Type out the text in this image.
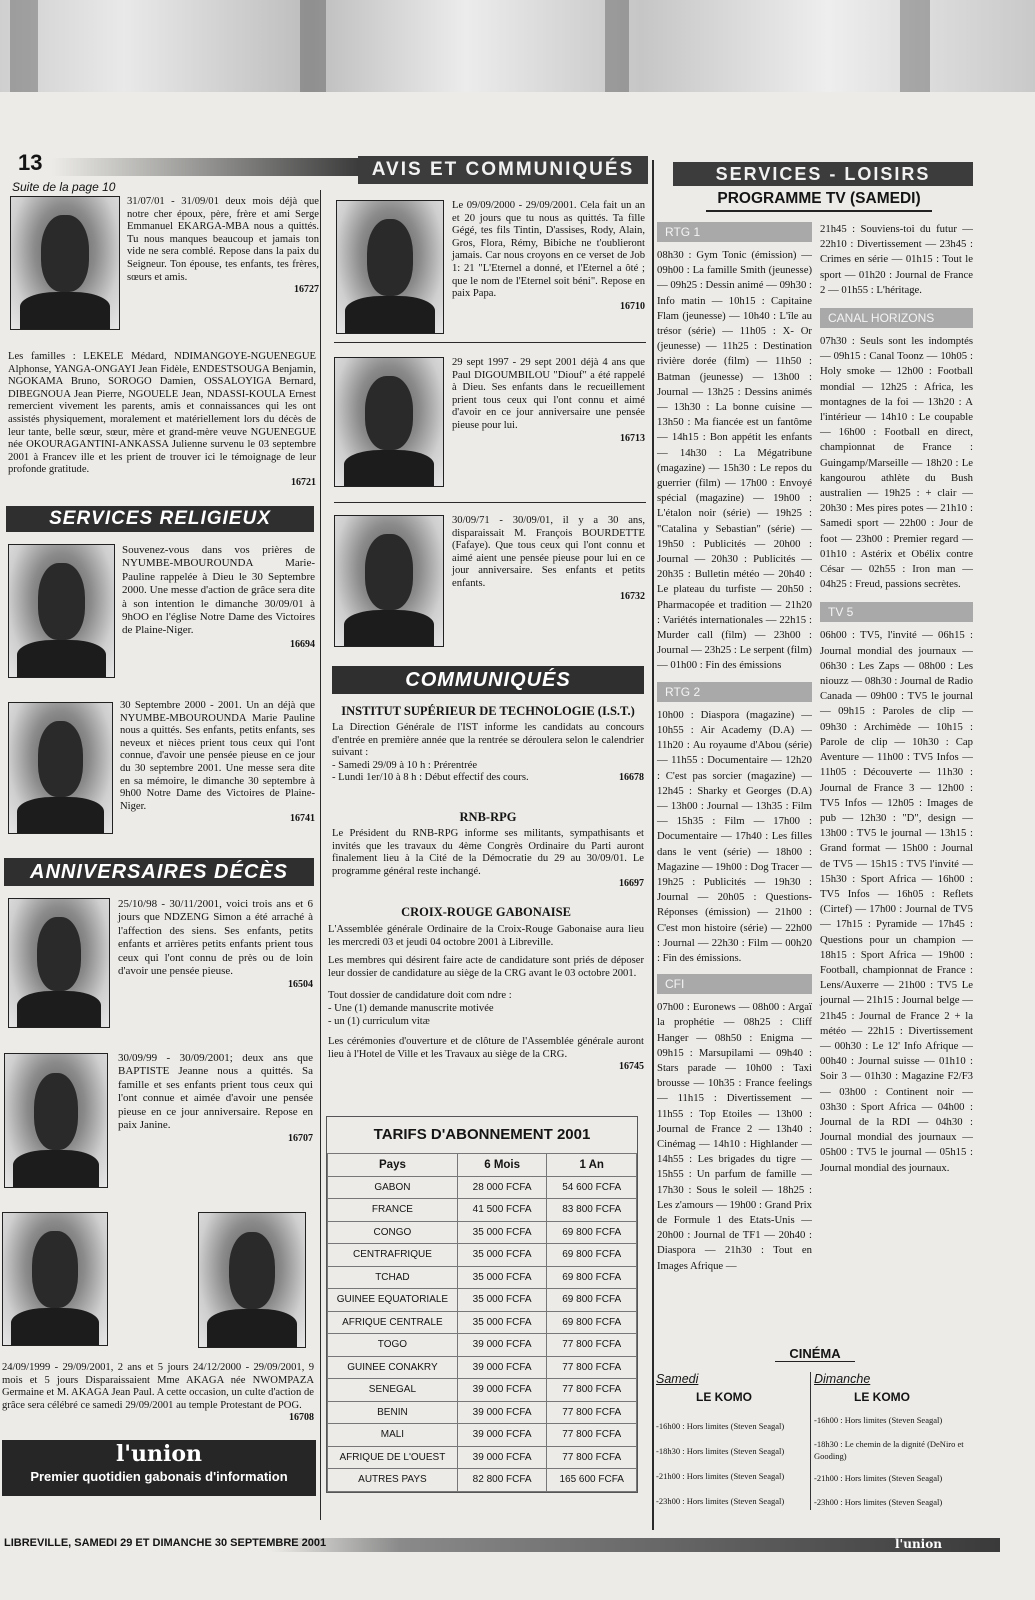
13	AVIS ET COMMUNIQUÉS	SERVICES - LOISIRS
Suite de la page 10
31/07/01 - 31/09/01 deux mois déjà que notre cher époux, père, frère et ami Serge Emmanuel EKARGA-MBA nous a quittés. Tu nous manques beaucoup et jamais ton vide ne sera comblé. Repose dans la paix du Seigneur. Ton épouse, tes enfants, tes frères, sœurs et amis.
16727
Les familles : LEKELE Médard, NDIMANGOYE-NGUENEGUE Alphonse, YANGA-ONGAYI Jean Fidèle, ENDESTSOUGA Benjamin, NGOKAMA Bruno, SOROGO Damien, OSSALOYIGA Bernard, DIBEGNOUA Jean Pierre, NGOUELE Jean, NDASSI-KOULA Ernest remercient vivement les parents, amis et connaissances qui les ont assistés physiquement, moralement et matériellement lors du décès de leur tante, belle sœur, sœur, mère et grand-mère veuve NGUENEGUE née OKOURAGANTINI-ANKASSA Julienne survenu le 03 septembre 2001 à Francev ille et les prient de trouver ici le témoignage de leur profonde gratitude.
16721
SERVICES RELIGIEUX
Souvenez-vous dans vos prières de NYUMBE-MBOUROUNDA Marie-Pauline rappelée à Dieu le 30 Septembre 2000. Une messe d'action de grâce sera dite à son intention le dimanche 30/09/01 à 9hOO en l'église Notre Dame des Victoires de Plaine-Niger.
16694
30 Septembre 2000 - 2001. Un an déjà que NYUMBE-MBOUROUNDA Marie Pauline nous a quittés. Ses enfants, petits enfants, ses neveux et nièces prient tous ceux qui l'ont connue, d'avoir une pensée pieuse en ce jour du 30 septembre 2001. Une messe sera dite en sa mémoire, le dimanche 30 septembre à 9h00 Notre Dame des Victoires de Plaine-Niger.
16741
ANNIVERSAIRES DÉCÈS
25/10/98 - 30/11/2001, voici trois ans et 6 jours que NDZENG Simon a été arraché à l'affection des siens. Ses enfants, petits enfants et arrières petits enfants prient tous ceux qui l'ont connu de près ou de loin d'avoir une pensée pieuse.
16504
30/09/99 - 30/09/2001; deux ans que BAPTISTE Jeanne nous a quittés. Sa famille et ses enfants prient tous ceux qui l'ont connue et aimée d'avoir une pensée pieuse en ce jour anniversaire. Repose en paix Janine.
16707
24/09/1999 - 29/09/2001, 2 ans et 5 jours 24/12/2000 - 29/09/2001, 9 mois et 5 jours Disparaissaient Mme AKAGA née NWOMPAZA Germaine et M. AKAGA Jean Paul. A cette occasion, un culte d'action de grâce sera célébré ce samedi 29/09/2001 au temple Protestant de POG.
16708
l'union
Premier quotidien gabonais d'information
Le 09/09/2000 - 29/09/2001. Cela fait un an et 20 jours que tu nous as quittés. Ta fille Gégé, tes fils Tintin, D'assises, Rody, Alain, Gros, Flora, Rémy, Bibiche ne t'oublieront jamais. Car nous croyons en ce verset de Job 1: 21 "L'Eternel a donné, et l'Eternel a ôté ; que le nom de l'Eternel soit béni". Repose en paix Papa.
16710
29 sept 1997 - 29 sept 2001 déjà 4 ans que Paul DIGOUMBILOU "Diouf" a été rappelé à Dieu. Ses enfants dans le recueillement prient tous ceux qui l'ont connu et aimé d'avoir en ce jour anniversaire une pensée pieuse pour lui.
16713
30/09/71 - 30/09/01, il y a 30 ans, disparaissait M. François BOURDETTE (Fafaye). Que tous ceux qui l'ont connu et aimé aient une pensée pieuse pour lui en ce jour anniversaire. Ses enfants et petits enfants.
16732
COMMUNIQUÉS
INSTITUT SUPÉRIEUR DE TECHNOLOGIE (I.S.T.)
La Direction Générale de l'IST informe les candidats au concours d'entrée en première année que la rentrée se déroulera selon le calendrier suivant :
- Samedi 29/09 à 10 h : Prérentrée
- Lundi 1er/10 à 8 h : Début effectif des cours.	16678
RNB-RPG
Le Président du RNB-RPG informe ses militants, sympathisants et invités que les travaux du 4ème Congrès Ordinaire du Parti auront finalement lieu à la Cité de la Démocratie du 29 au 30/09/01. Le programme général reste inchangé.
16697
CROIX-ROUGE GABONAISE
L'Assemblée générale Ordinaire de la Croix-Rouge Gabonaise aura lieu les mercredi 03 et jeudi 04 octobre 2001 à Libreville.
Les membres qui désirent faire acte de candidature sont priés de déposer leur dossier de candidature au siège de la CRG avant le 03 octobre 2001.
Tout dossier de candidature doit com ndre :
- Une (1) demande manuscrite motivée
- un (1) curriculum vitæ
Les cérémonies d'ouverture et de clôture de l'Assemblée générale auront lieu à l'Hotel de Ville et les Travaux au siège de la CRG.
16745
TARIFS D'ABONNEMENT 2001
Pays	6 Mois	1 An
GABON	28 000 FCFA	54 600 FCFA
FRANCE	41 500 FCFA	83 800 FCFA
CONGO	35 000 FCFA	69 800 FCFA
CENTRAFRIQUE	35 000 FCFA	69 800 FCFA
TCHAD	35 000 FCFA	69 800 FCFA
GUINEE EQUATORIALE	35 000 FCFA	69 800 FCFA
AFRIQUE CENTRALE	35 000 FCFA	69 800 FCFA
TOGO	39 000 FCFA	77 800 FCFA
GUINEE CONAKRY	39 000 FCFA	77 800 FCFA
SENEGAL	39 000 FCFA	77 800 FCFA
BENIN	39 000 FCFA	77 800 FCFA
MALI	39 000 FCFA	77 800 FCFA
AFRIQUE DE L'OUEST	39 000 FCFA	77 800 FCFA
AUTRES PAYS	82 800 FCFA	165 600 FCFA
PROGRAMME TV (SAMEDI)
RTG 1
08h30 : Gym Tonic (émission) — 09h00 : La famille Smith (jeunesse) — 09h25 : Dessin animé — 09h30 : Info matin — 10h15 : Capitaine Flam (jeunesse) — 10h40 : L'île au trésor (série) — 11h05 : X- Or (jeunesse) — 11h25 : Destination rivière dorée (film) — 11h50 : Batman (jeunesse) — 13h00 : Journal — 13h25 : Dessins animés — 13h30 : La bonne cuisine — 13h50 : Ma fiancée est un fantôme — 14h15 : Bon appétit les enfants — 14h30 : La Mégatribune (magazine) — 15h30 : Le repos du guerrier (film) — 17h00 : Envoyé spécial (magazine) — 19h00 : L'étalon noir (série) — 19h25 : "Catalina y Sebastian" (série) — 19h50 : Publicités — 20h00 : Journal — 20h30 : Publicités — 20h35 : Bulletin météo — 20h40 : Le plateau du turfiste — 20h50 : Pharmacopée et tradition — 21h20 : Variétés internationales — 22h15 : Murder call (film) — 23h00 : Journal — 23h25 : Le serpent (film) — 01h00 : Fin des émissions
RTG 2
10h00 : Diaspora (magazine) — 10h55 : Air Academy (D.A) — 11h20 : Au royaume d'Abou (série) — 11h55 : Documentaire — 12h20 : C'est pas sorcier (magazine) — 12h45 : Sharky et Georges (D.A) — 13h00 : Journal — 13h35 : Film — 15h35 : Film — 17h00 : Documentaire — 17h40 : Les filles dans le vent (série) — 18h00 : Magazine — 19h00 : Dog Tracer — 19h25 : Publicités — 19h30 : Journal — 20h05 : Questions-Réponses (émission) — 21h00 : C'est mon histoire (série) — 22h00 : Journal — 22h30 : Film — 00h20 : Fin des émissions.
CFI
07h00 : Euronews — 08h00 : Argaï la prophétie — 08h25 : Cliff Hanger — 08h50 : Enigma — 09h15 : Marsupilami — 09h40 : Stars parade — 10h00 : Taxi brousse — 10h35 : France feelings — 11h15 : Divertissement — 11h55 : Top Etoiles — 13h00 : Journal de France 2 — 13h40 : Cinémag — 14h10 : Highlander — 14h55 : Les brigades du tigre — 15h55 : Un parfum de famille — 17h30 : Sous le soleil — 18h25 : Les z'amours — 19h00 : Grand Prix de Formule 1 des Etats-Unis — 20h00 : Journal de TF1 — 20h40 : Diaspora — 21h30 : Tout en Images Afrique —
21h45 : Souviens-toi du futur — 22h10 : Divertissement — 23h45 : Crimes en série — 01h15 : Tout le sport — 01h20 : Journal de France 2 — 01h55 : L'héritage.
CANAL HORIZONS
07h30 : Seuls sont les indomptés — 09h15 : Canal Toonz — 10h05 : Holy smoke — 12h00 : Football mondial — 12h25 : Africa, les montagnes de la foi — 13h20 : A l'intérieur — 14h10 : Le coupable — 16h00 : Football en direct, championnat de France : Guingamp/Marseille — 18h20 : Le kangourou athlète du Bush australien — 19h25 : + clair — 20h30 : Mes pires potes — 21h10 : Samedi sport — 22h00 : Jour de foot — 23h00 : Premier regard — 01h10 : Astérix et Obélix contre César — 02h55 : Iron man — 04h25 : Freud, passions secrètes.
TV 5
06h00 : TV5, l'invité — 06h15 : Journal mondial des journaux — 06h30 : Les Zaps — 08h00 : Les niouzz — 08h30 : Journal de Radio Canada — 09h00 : TV5 le journal — 09h15 : Paroles de clip — 09h30 : Archimède — 10h15 : Parole de clip — 10h30 : Cap Aventure — 11h00 : TV5 Infos — 11h05 : Découverte — 11h30 : Journal de France 3 — 12h00 : TV5 Infos — 12h05 : Images de pub — 12h30 : "D", design — 13h00 : TV5 le journal — 13h15 : Grand format — 15h00 : Journal de TV5 — 15h15 : TV5 l'invité — 15h30 : Sport Africa — 16h00 : TV5 Infos — 16h05 : Reflets (Cirtef) — 17h00 : Journal de TV5 — 17h15 : Pyramide — 17h45 : Questions pour un champion — 18h15 : Sport Africa — 19h00 : Football, championnat de France : Lens/Auxerre — 21h00 : TV5 Le journal — 21h15 : Journal belge — 21h45 : Journal de France 2 + la météo — 22h15 : Divertissement — 00h30 : Le 12' Info Afrique — 00h40 : Journal suisse — 01h10 : Soir 3 — 01h30 : Magazine F2/F3 — 03h00 : Continent noir — 03h30 : Sport Africa — 04h00 : Journal de la RDI — 04h30 : Journal mondial des journaux — 05h00 : TV5 le journal — 05h15 : Journal mondial des journaux.
CINÉMA
Samedi
LE KOMO
-16h00 : Hors limites (Steven Seagal)
-18h30 : Hors limites (Steven Seagal)
-21h00 : Hors limites (Steven Seagal)
-23h00 : Hors limites (Steven Seagal)
Dimanche
LE KOMO
-16h00 : Hors limites (Steven Seagal)
-18h30 : Le chemin de la dignité (DeNiro et Gooding)
-21h00 : Hors limites (Steven Seagal)
-23h00 : Hors limites (Steven Seagal)
LIBREVILLE, SAMEDI 29 ET DIMANCHE 30 SEPTEMBRE 2001	l'union
